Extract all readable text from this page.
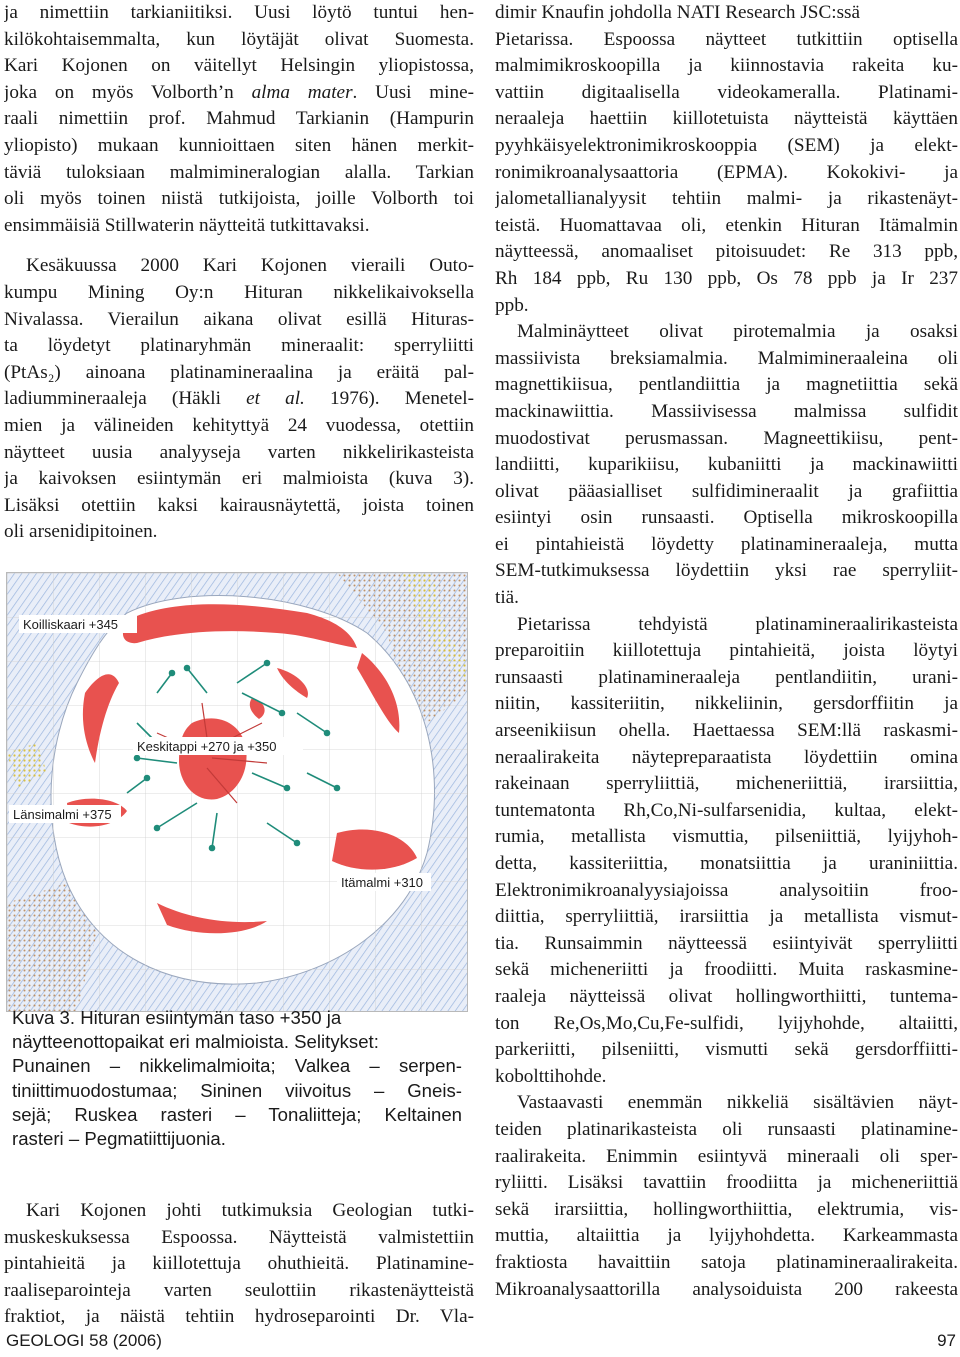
ja nimettiin tarkianiitiksi. Uusi löytö tuntui hen-
kilökohtaisemmalta, kun löytäjät olivat Suomesta.
Kari Kojonen on väitellyt Helsingin yliopistossa,
joka on myös Volborth’n alma mater. Uusi mine-
raali nimettiin prof. Mahmud Tarkianin (Hampurin
yliopisto) mukaan kunnioittaen siten hänen merkit-
täviä tuloksiaan malmimineralogian alalla. Tarkian
oli myös toinen niistä tutkijoista, joille Volborth toi
ensimmäisiä Stillwaterin näytteitä tutkittavaksi.
Kesäkuussa 2000 Kari Kojonen vieraili Outo-
kumpu Mining Oy:n Hituran nikkelikaivoksella
Nivalassa. Vierailun aikana olivat esillä Hituras-
ta löydetyt platinaryhmän mineraalit: sperryliitti
(PtAs₂) ainoana platinamineraalina ja eräitä pal-
ladiummineraaleja (Häkli et al. 1976). Menetel-
mien ja välineiden kehityttyä 24 vuodessa, otettiin
näytteet uusia analyyseja varten nikkelirikasteista
ja kaivoksen esiintymän eri malmioista (kuva 3).
Lisäksi otettiin kaksi kairausnäytettä, joista toinen
oli arsenidipitoinen.
Koilliskaari +345
Keskitappi +270 ja +350
Länsimalmi +375
Itämalmi +310
Kuva 3. Hituran esiintymän taso +350 ja
näytteenottopaikat eri malmioista. Selitykset:
Punainen – nikkelimalmioita; Valkea – serpen-
tiniittimuodostumaa; Sininen viivoitus – Gneis-
sejä; Ruskea rasteri – Tonaliitteja; Keltainen
rasteri – Pegmatiittijuonia.
Kari Kojonen johti tutkimuksia Geologian tutki-
muskeskuksessa Espoossa. Näytteistä valmistettiin
pintahieitä ja kiillotettuja ohuthieitä. Platinamine-
raaliseparointeja varten seulottiin rikastenäytteistä
fraktiot, ja näistä tehtiin hydroseparointi Dr. Vla-
dimir Knaufin johdolla NATI Research JSC:ssä
Pietarissa. Espoossa näytteet tutkittiin optisella
malmimikroskoopilla ja kiinnostavia rakeita ku-
vattiin digitaalisella videokameralla. Platinami-
neraaleja haettiin kiillotetuista näytteistä käyttäen
pyyhkäisyelektronimikroskooppia (SEM) ja elekt-
ronimikroanalysaattoria (EPMA). Kokokivi- ja
jalometallianalyysit tehtiin malmi- ja rikastenäyt-
teistä. Huomattavaa oli, etenkin Hituran Itämalmin
näytteessä, anomaaliset pitoisuudet: Re 313 ppb,
Rh 184 ppb, Ru 130 ppb, Os 78 ppb ja Ir 237
ppb.
Malminäytteet olivat pirotemalmia ja osaksi
massiivista breksiamalmia. Malmimineraaleina oli
magnettikiisua, pentlandiittia ja magnetiittia sekä
mackinawiittia. Massiivisessa malmissa sulfidit
muodostivat perusmassan. Magneettikiisu, pent-
landiitti, kuparikiisu, kubaniitti ja mackinawiitti
olivat pääasialliset sulfidimineraalit ja grafiittia
esiintyi osin runsaasti. Optisella mikroskoopilla
ei pintahieistä löydetty platinamineraaleja, mutta
SEM-tutkimuksessa löydettiin yksi rae sperryliit-
tiä.
Pietarissa tehdyistä platinamineraalirikasteista
preparoitiin kiillotettuja pintahieitä, joista löytyi
runsaasti platinamineraaleja pentlandiitin, urani-
niitin, kassiteriitin, nikkeliinin, gersdorffiitin ja
arseenikiisun ohella. Haettaessa SEM:llä raskasmi-
neraalirakeita näytepreparaatista löydettiin omina
rakeinaan sperryliittiä, micheneriittiä, irarsiittia,
tuntematonta Rh,Co,Ni-sulfarsenidia, kultaa, elekt-
rumia, metallista vismuttia, pilseniittiä, lyijyhoh-
detta, kassiteriittia, monatsiittia ja uraniniittia.
Elektronimikroanalyysiajoissa analysoitiin froo-
diittia, sperryliittiä, irarsiittia ja metallista vismut-
tia. Runsaimmin näytteessä esiintyivät sperryliitti
sekä micheneriitti ja froodiitti. Muita raskasmine-
raaleja näytteissä olivat hollingworthiitti, tuntema-
ton Re,Os,Mo,Cu,Fe-sulfidi, lyijyhohde, altaiitti,
parkeriitti, pilseniitti, vismutti sekä gersdorffiitti-
kobolttihohde.
Vastaavasti enemmän nikkeliä sisältävien näyt-
teiden platinarikasteista oli runsaasti platinamine-
raalirakeita. Enimmin esiintyvä mineraali oli sper-
ryliitti. Lisäksi tavattiin froodiitta ja micheneriittiä
sekä irarsiittia, hollingworthiittia, elektrumia, vis-
muttia, altaiittia ja lyijyhohdetta. Karkeammasta
fraktiosta havaittiin satoja platinamineraalirakeita.
Mikroanalysaattorilla analysoiduista 200 rakeesta
GEOLOGI 58 (2006)	97
